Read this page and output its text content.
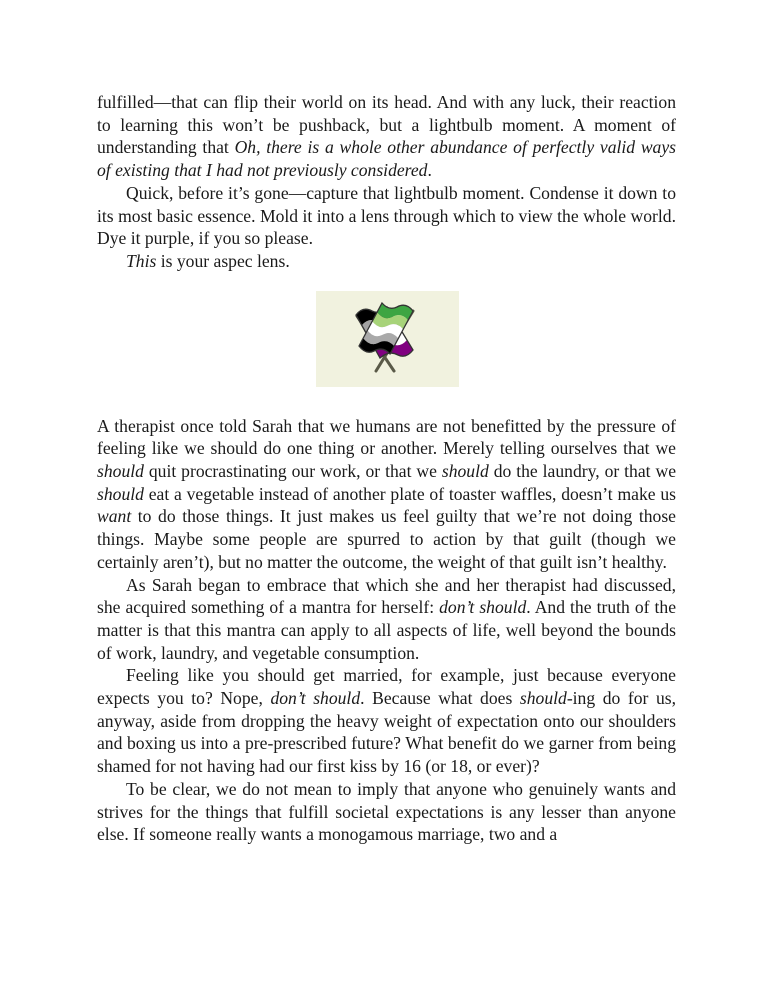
fulfilled—that can flip their world on its head. And with any luck, their reaction to learning this won’t be pushback, but a lightbulb moment. A moment of understanding that Oh, there is a whole other abundance of perfectly valid ways of existing that I had not previously considered.

Quick, before it’s gone—capture that lightbulb moment. Condense it down to its most basic essence. Mold it into a lens through which to view the whole world. Dye it purple, if you so please.

This is your aspec lens.

A therapist once told Sarah that we humans are not benefitted by the pressure of feeling like we should do one thing or another. Merely telling ourselves that we should quit procrastinating our work, or that we should do the laundry, or that we should eat a vegetable instead of another plate of toaster waffles, doesn’t make us want to do those things. It just makes us feel guilty that we’re not doing those things. Maybe some people are spurred to action by that guilt (though we certainly aren’t), but no matter the outcome, the weight of that guilt isn’t healthy.

As Sarah began to embrace that which she and her therapist had discussed, she acquired something of a mantra for herself: don’t should. And the truth of the matter is that this mantra can apply to all aspects of life, well beyond the bounds of work, laundry, and vegetable consumption.

Feeling like you should get married, for example, just because everyone expects you to? Nope, don’t should. Because what does should-ing do for us, anyway, aside from dropping the heavy weight of expectation onto our shoulders and boxing us into a pre-prescribed future? What benefit do we garner from being shamed for not having had our first kiss by 16 (or 18, or ever)?

To be clear, we do not mean to imply that anyone who genuinely wants and strives for the things that fulfill societal expectations is any lesser than anyone else. If someone really wants a monogamous marriage, two and a
